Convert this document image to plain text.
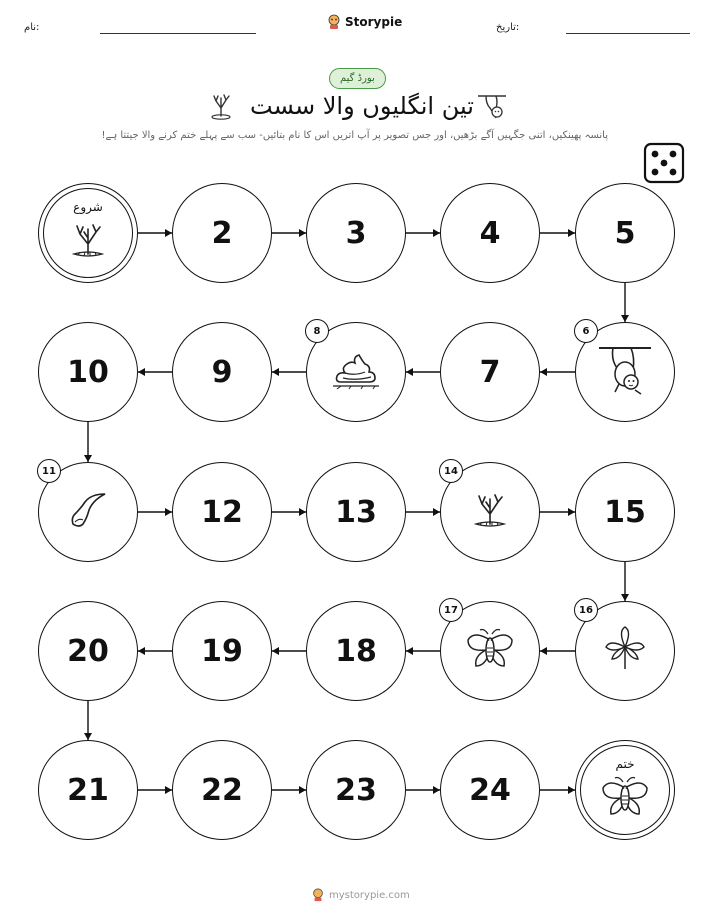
نام:	Storypie	تاریخ:
بورڈ گیم
تین انگلیوں والا سست
پانسہ پھینکیں، اتنی جگہیں آگے بڑھیں، اور جس تصویر پر آپ اتریں اس کا نام بتائیں- سب سے پہلے ختم کرنے والا جیتتا ہے!
شروع
2	3	4	5
6
7
8
9
10
11
12	13
14
15
16
17
18
19
20
21	22	23	24
ختم
mystorypie.com
